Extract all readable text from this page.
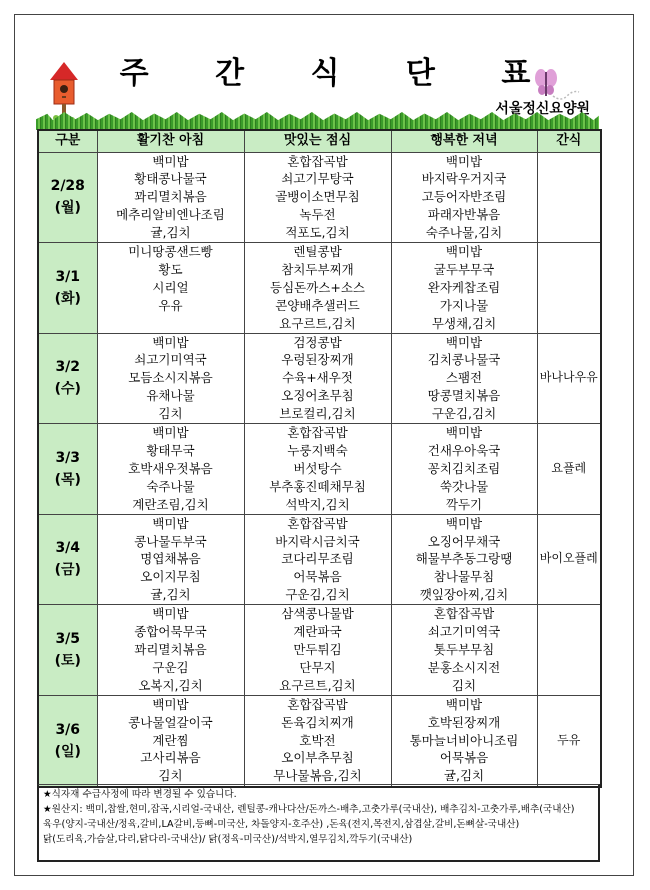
주 간 식 단 표
서울정신요양원
구분	활기찬 아침	맛있는 점심	행복한 저녁	간식

2/28
(월)	백미밥
황태콩나물국
꽈리멸치볶음
메추리알비엔나조림
귤,김치	혼합잡곡밥
쇠고기무탕국
골뱅이소면무침
녹두전
적포도,김치	백미밥
바지락우거지국
고등어자반조림
파래자반볶음
숙주나물,김치	

3/1
(화)	미니땅콩샌드빵
황도
시리얼
우유	렌틸콩밥
참치두부찌개
등심돈까스+소스
콘양배추샐러드
요구르트,김치	백미밥
굴두부무국
완자케찹조림
가지나물
무생채,김치	

3/2
(수)	백미밥
쇠고기미역국
모듬소시지볶음
유채나물
김치	검정콩밥
우렁된장찌개
수육+새우젓
오징어초무침
브로컬리,김치	백미밥
김치콩나물국
스팸전
땅콩멸치볶음
구운김,김치	바나나우유

3/3
(목)	백미밥
황태무국
호박새우젓볶음
숙주나물
계란조림,김치	혼합잡곡밥
누룽지백숙
버섯탕수
부추홍진떼채무침
석박지,김치	백미밥
건새우아욱국
꽁치김치조림
쑥갓나물
깍두기	요플레

3/4
(금)	백미밥
콩나물두부국
명엽채볶음
오이지무침
귤,김치	혼합잡곡밥
바지락시금치국
코다리무조림
어묵볶음
구운김,김치	백미밥
오징어무채국
해물부추동그랑땡
참나물무침
깻잎장아찌,김치	바이오플레

3/5
(토)	백미밥
종합어묵무국
꽈리멸치볶음
구운김
오복지,김치	삼색콩나물밥
계란파국
만두튀김
단무지
요구르트,김치	혼합잡곡밥
쇠고기미역국
톳두부무침
분홍소시지전
김치	

3/6
(일)	백미밥
콩나물얼갈이국
계란찜
고사리볶음
김치	혼합잡곡밥
돈육김치찌개
호박전
오이부추무침
무나물볶음,김치	백미밥
호박된장찌개
통마늘너비아니조림
어묵볶음
귤,김치	두유
★식자재 수급사정에 따라 변경될 수 있습니다.
★원산지: 백미,찹쌀,현미,잡곡,시리얼-국내산, 렌틸콩-캐나다산/돈까스-배추,고춧가루(국내산), 배추김치-고춧가루,배추(국내산)
육우(양지-국내산/정육,갈비,LA갈비,등뼈-미국산, 차돌양지-호주산) ,돈육(전지,목전지,삼겹살,갈비,돈뼈살-국내산)
닭(도리육,가슴살,다리,닭다리-국내산)/ 닭(정육-미국산)/석박지,열무김치,깍두기(국내산)
